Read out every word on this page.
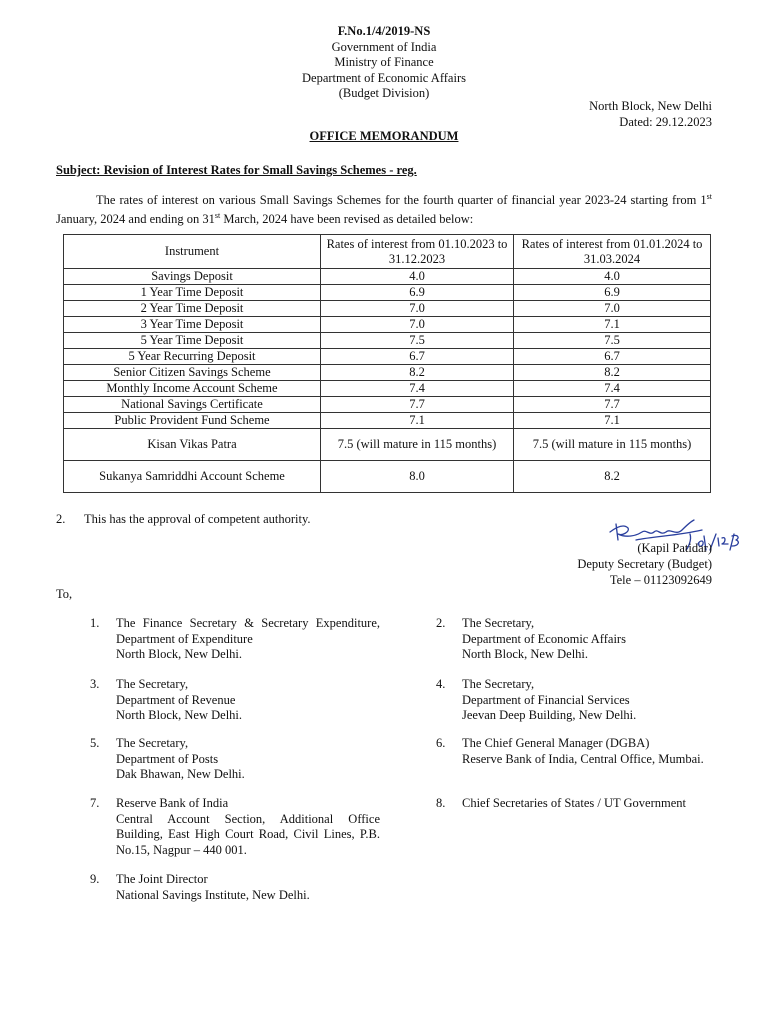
F.No.1/4/2019-NS
Government of India
Ministry of Finance
Department of Economic Affairs
(Budget Division)
North Block, New Delhi
Dated: 29.12.2023
OFFICE MEMORANDUM
Subject: Revision of Interest Rates for Small Savings Schemes - reg.
The rates of interest on various Small Savings Schemes for the fourth quarter of financial year 2023-24 starting from 1st January, 2024 and ending on 31st March, 2024 have been revised as detailed below:
Instrument	Rates of interest from 01.10.2023 to 31.12.2023	Rates of interest from 01.01.2024 to 31.03.2024
Savings Deposit	4.0	4.0
1 Year Time Deposit	6.9	6.9
2 Year Time Deposit	7.0	7.0
3 Year Time Deposit	7.0	7.1
5 Year Time Deposit	7.5	7.5
5 Year Recurring Deposit	6.7	6.7
Senior Citizen Savings Scheme	8.2	8.2
Monthly Income Account Scheme	7.4	7.4
National Savings Certificate	7.7	7.7
Public Provident Fund Scheme	7.1	7.1
Kisan Vikas Patra	7.5 (will mature in 115 months)	7.5 (will mature in 115 months)
Sukanya Samriddhi Account Scheme	8.0	8.2
2. This has the approval of competent authority.
(Kapil Patidar)
Deputy Secretary (Budget)
Tele – 01123092649
To,
1. The Finance Secretary & Secretary Expenditure, Department of Expenditure
North Block, New Delhi.
2. The Secretary,
Department of Economic Affairs
North Block, New Delhi.
3. The Secretary,
Department of Revenue
North Block, New Delhi.
4. The Secretary,
Department of Financial Services
Jeevan Deep Building, New Delhi.
5. The Secretary,
Department of Posts
Dak Bhawan, New Delhi.
6. The Chief General Manager (DGBA)
Reserve Bank of India, Central Office, Mumbai.
7. Reserve Bank of India
Central Account Section, Additional Office Building, East High Court Road, Civil Lines, P.B. No.15, Nagpur – 440 001.
8. Chief Secretaries of States / UT Government
9. The Joint Director
National Savings Institute, New Delhi.
